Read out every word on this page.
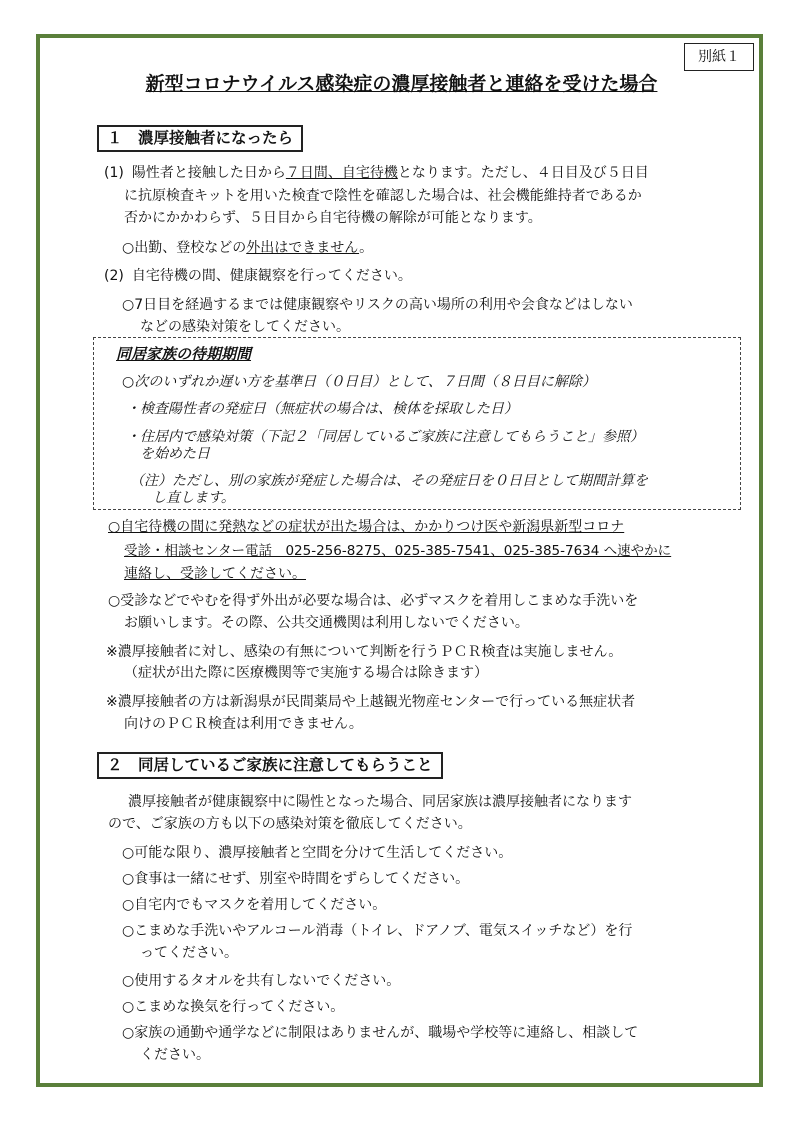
別紙１
新型コロナウイルス感染症の濃厚接触者と連絡を受けた場合
１　濃厚接触者になったら
(1) 陽性者と接触した日から７日間、自宅待機となります。ただし、４日目及び５日目
に抗原検査キットを用いた検査で陰性を確認した場合は、社会機能維持者であるか
否かにかかわらず、５日目から自宅待機の解除が可能となります。
○出勤、登校などの外出はできません。
(2) 自宅待機の間、健康観察を行ってください。
○7日目を経過するまでは健康観察やリスクの高い場所の利用や会食などはしない
などの感染対策をしてください。
同居家族の待期期間
○次のいずれか遅い方を基準日（０日目）として、７日間（８日目に解除）
・検査陽性者の発症日（無症状の場合は、検体を採取した日）
・住居内で感染対策（下記２「同居しているご家族に注意してもらうこと」参照）
を始めた日
（注）ただし、別の家族が発症した場合は、その発症日を０日目として期間計算を
し直します。
○自宅待機の間に発熱などの症状が出た場合は、かかりつけ医や新潟県新型コロナ
受診・相談センター電話　025-256-8275、025-385-7541、025-385-7634 へ速やかに
連絡し、受診してください。
○受診などでやむを得ず外出が必要な場合は、必ずマスクを着用しこまめな手洗いを
お願いします。その際、公共交通機関は利用しないでください。
※濃厚接触者に対し、感染の有無について判断を行うＰＣＲ検査は実施しません。
（症状が出た際に医療機関等で実施する場合は除きます）
※濃厚接触者の方は新潟県が民間薬局や上越観光物産センターで行っている無症状者
向けのＰＣＲ検査は利用できません。
２　同居しているご家族に注意してもらうこと
濃厚接触者が健康観察中に陽性となった場合、同居家族は濃厚接触者になります
ので、ご家族の方も以下の感染対策を徹底してください。
○可能な限り、濃厚接触者と空間を分けて生活してください。
○食事は一緒にせず、別室や時間をずらしてください。
○自宅内でもマスクを着用してください。
○こまめな手洗いやアルコール消毒（トイレ、ドアノブ、電気スイッチなど）を行
ってください。
○使用するタオルを共有しないでください。
○こまめな換気を行ってください。
○家族の通勤や通学などに制限はありませんが、職場や学校等に連絡し、相談して
ください。
